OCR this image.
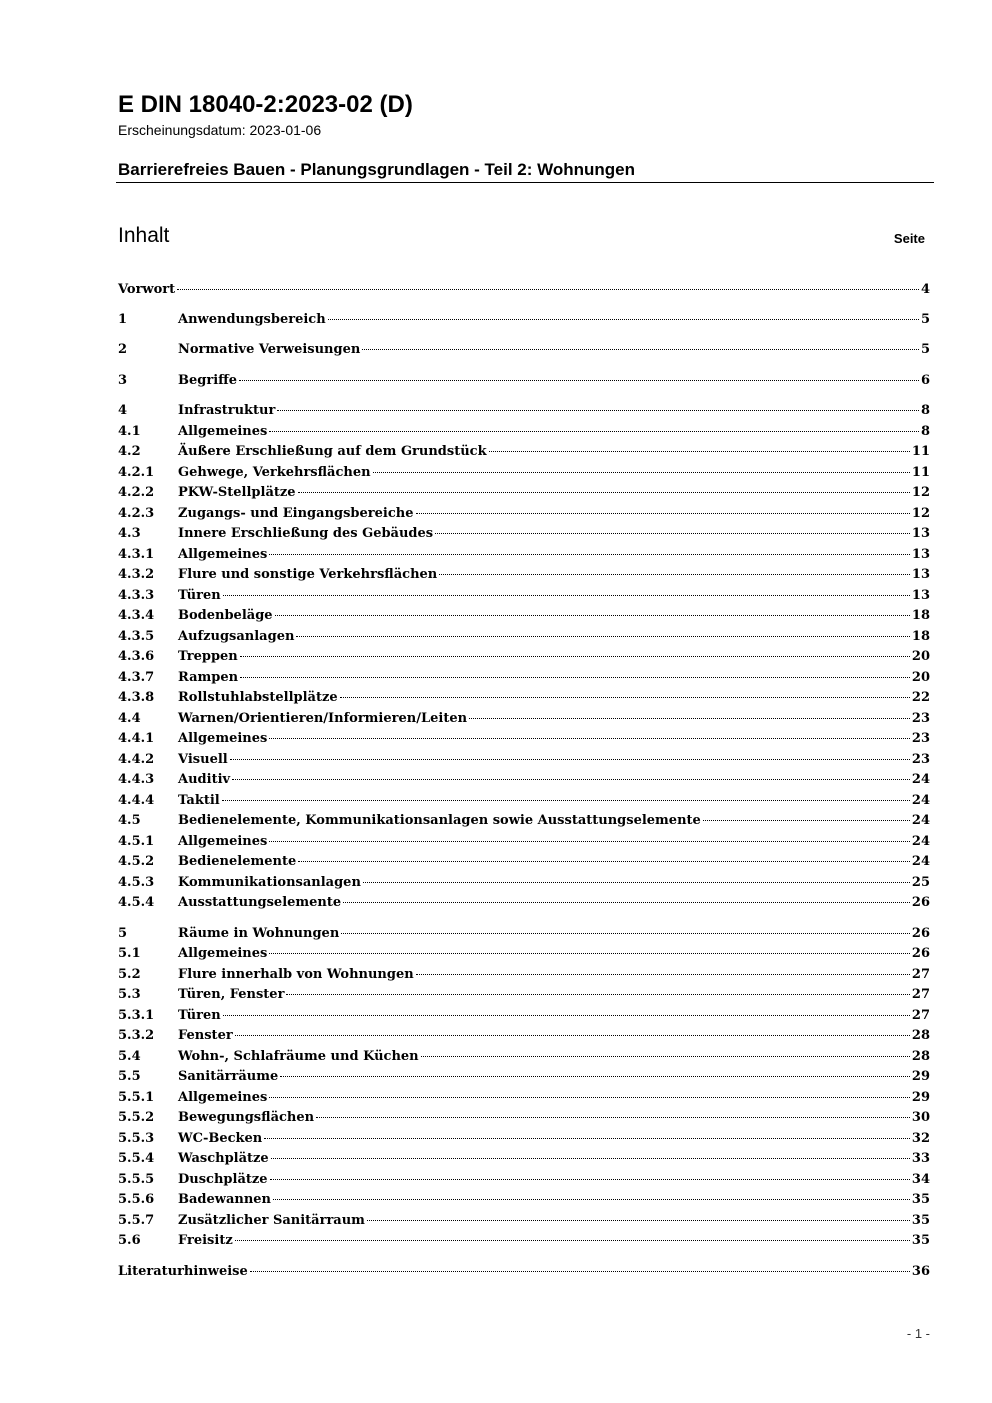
E DIN 18040-2:2023-02 (D)
Erscheinungsdatum: 2023-01-06
Barrierefreies Bauen - Planungsgrundlagen - Teil 2: Wohnungen
Inhalt	Seite
Vorwort	4
1	Anwendungsbereich	5
2	Normative Verweisungen	5
3	Begriffe	6
4	Infrastruktur	8
4.1	Allgemeines	8
4.2	Äußere Erschließung auf dem Grundstück	11
4.2.1	Gehwege, Verkehrsflächen	11
4.2.2	PKW-Stellplätze	12
4.2.3	Zugangs- und Eingangsbereiche	12
4.3	Innere Erschließung des Gebäudes	13
4.3.1	Allgemeines	13
4.3.2	Flure und sonstige Verkehrsflächen	13
4.3.3	Türen	13
4.3.4	Bodenbeläge	18
4.3.5	Aufzugsanlagen	18
4.3.6	Treppen	20
4.3.7	Rampen	20
4.3.8	Rollstuhlabstellplätze	22
4.4	Warnen/Orientieren/Informieren/Leiten	23
4.4.1	Allgemeines	23
4.4.2	Visuell	23
4.4.3	Auditiv	24
4.4.4	Taktil	24
4.5	Bedienelemente, Kommunikationsanlagen sowie Ausstattungselemente	24
4.5.1	Allgemeines	24
4.5.2	Bedienelemente	24
4.5.3	Kommunikationsanlagen	25
4.5.4	Ausstattungselemente	26
5	Räume in Wohnungen	26
5.1	Allgemeines	26
5.2	Flure innerhalb von Wohnungen	27
5.3	Türen, Fenster	27
5.3.1	Türen	27
5.3.2	Fenster	28
5.4	Wohn-, Schlafräume und Küchen	28
5.5	Sanitärräume	29
5.5.1	Allgemeines	29
5.5.2	Bewegungsflächen	30
5.5.3	WC-Becken	32
5.5.4	Waschplätze	33
5.5.5	Duschplätze	34
5.5.6	Badewannen	35
5.5.7	Zusätzlicher Sanitärraum	35
5.6	Freisitz	35
Literaturhinweise	36
- 1 -
